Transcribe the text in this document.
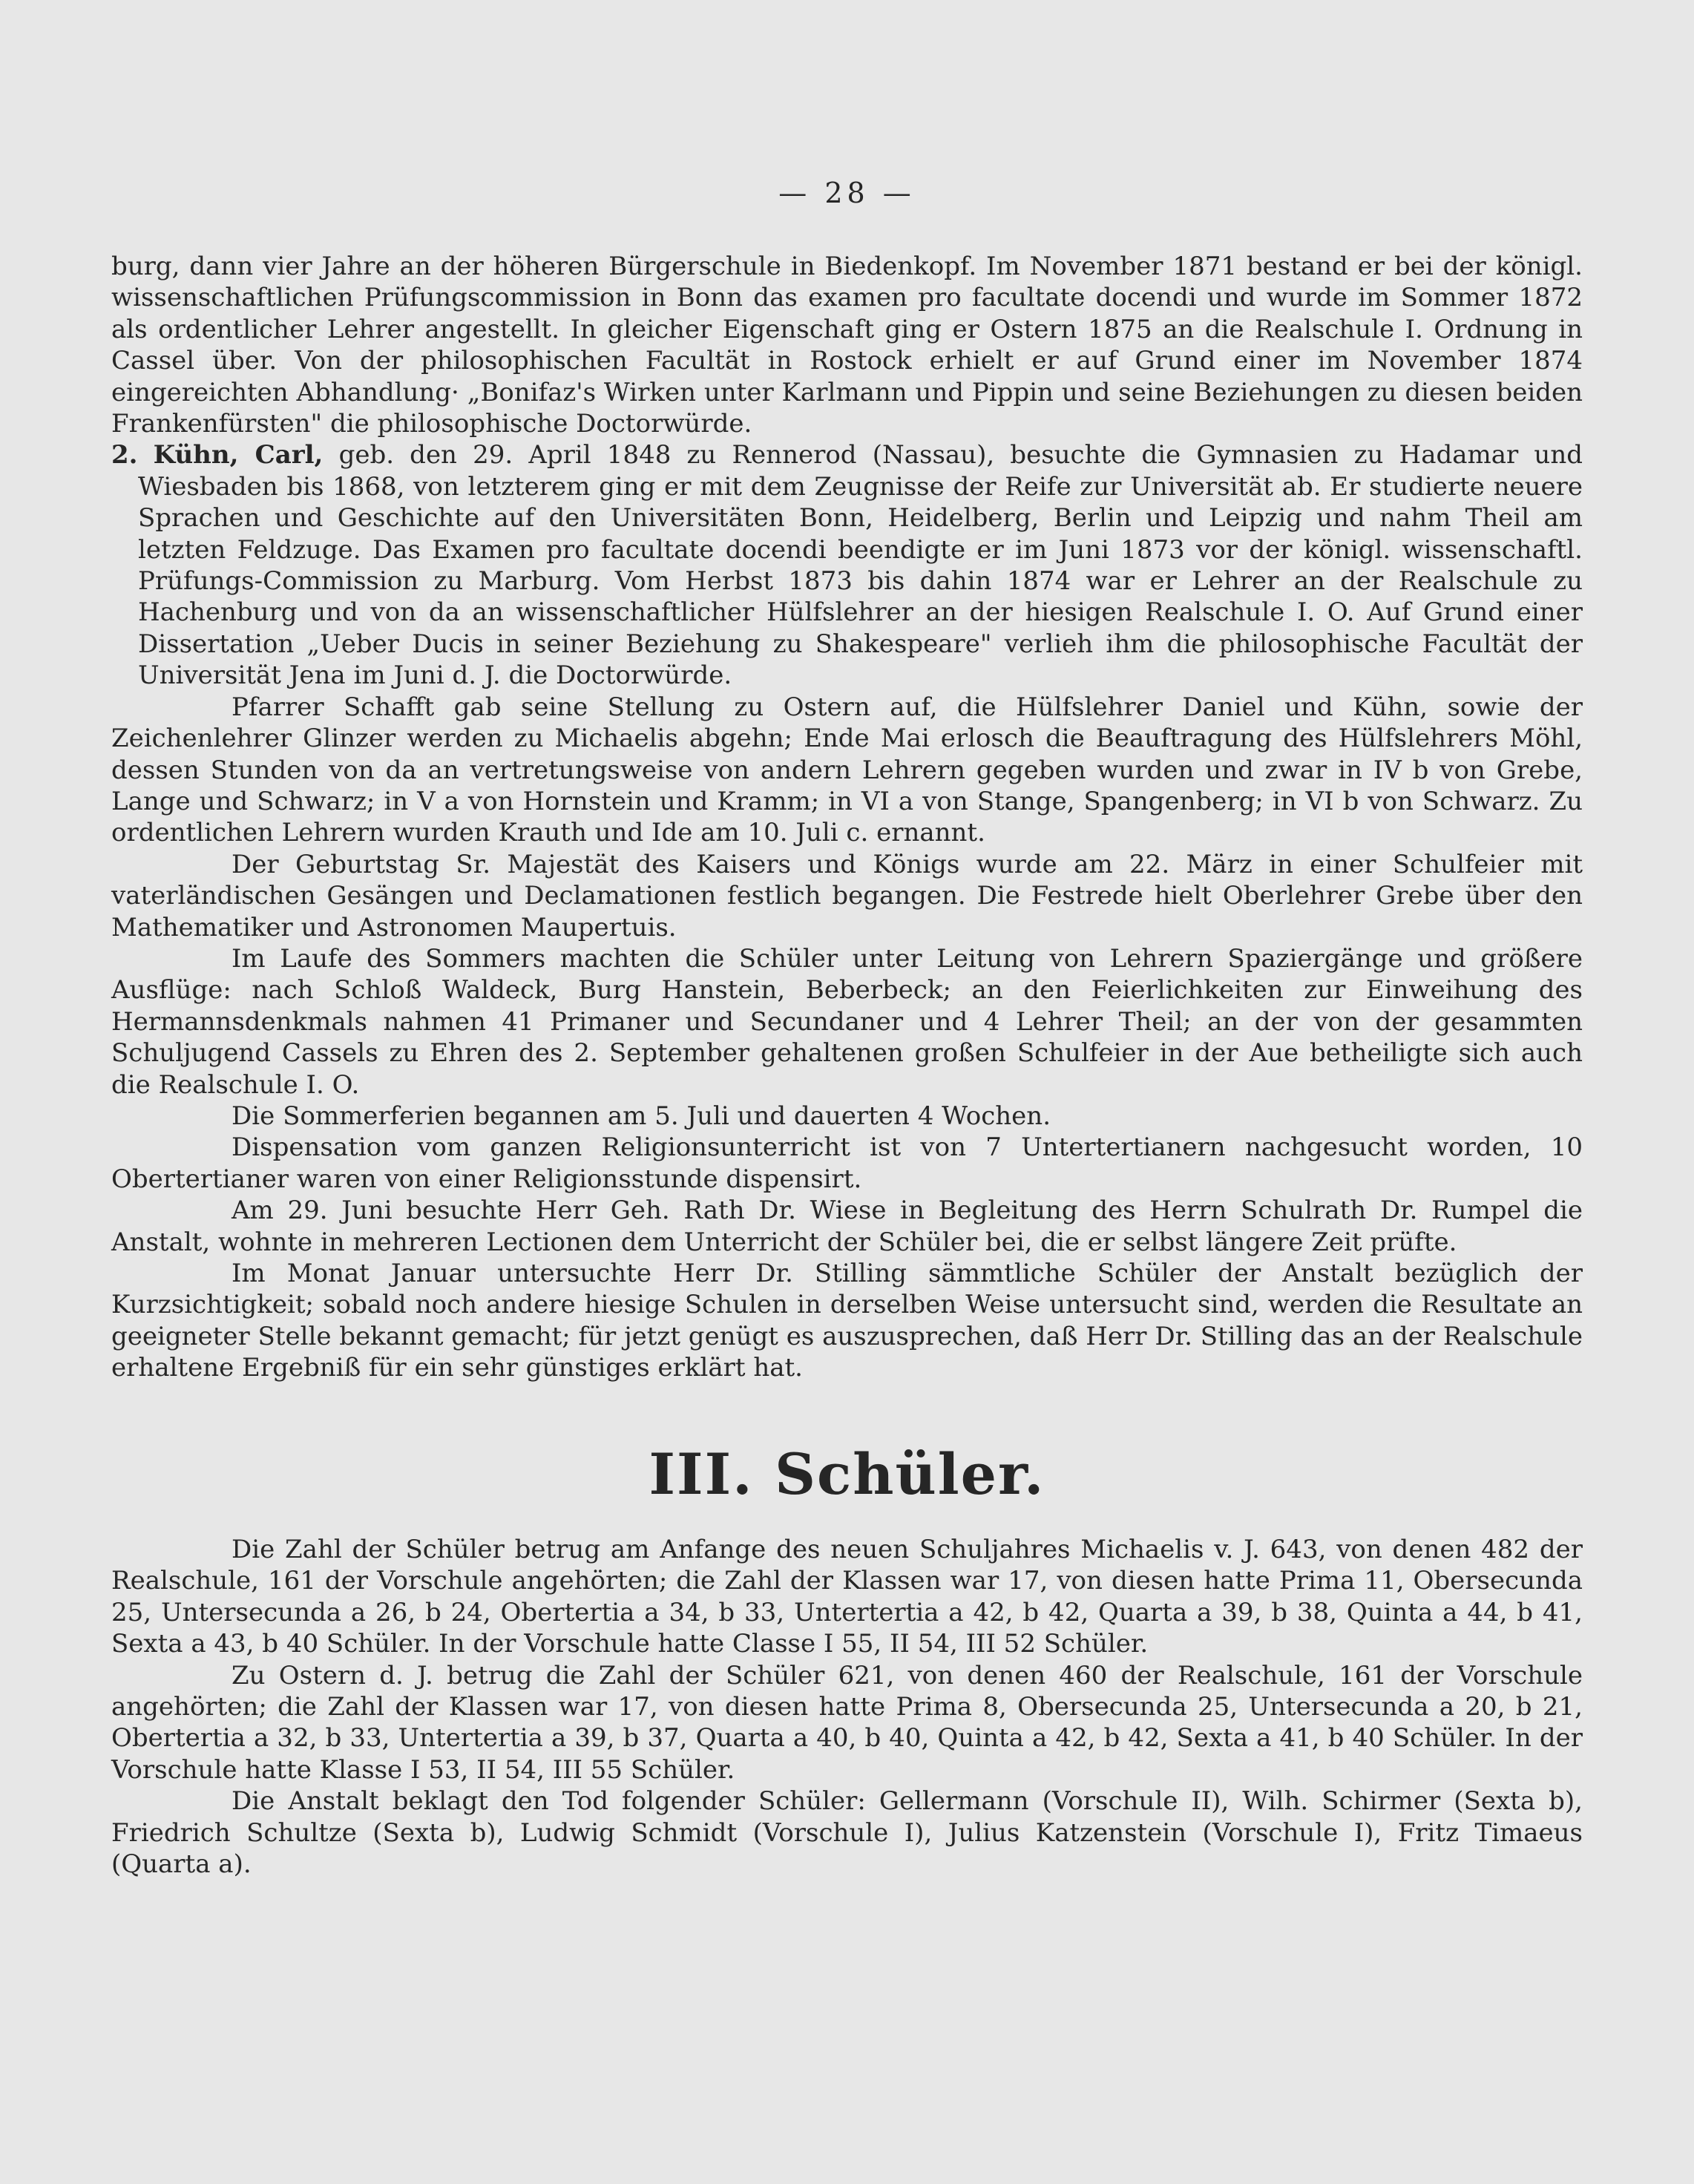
— 28 —

burg, dann vier Jahre an der höheren Bürgerschule in Biedenkopf. Im November 1871 bestand er bei der königl. wissenschaftlichen Prüfungscommission in Bonn das examen pro facultate docendi und wurde im Sommer 1872 als ordentlicher Lehrer angestellt. In gleicher Eigenschaft ging er Ostern 1875 an die Realschule I. Ordnung in Cassel über. Von der philosophischen Facultät in Rostock erhielt er auf Grund einer im November 1874 eingereichten Abhandlung· „Bonifaz's Wirken unter Karlmann und Pippin und seine Beziehungen zu diesen beiden Frankenfürsten" die philosophische Doctorwürde.

2. Kühn, Carl, geb. den 29. April 1848 zu Rennerod (Nassau), besuchte die Gymnasien zu Hadamar und Wiesbaden bis 1868, von letzterem ging er mit dem Zeugnisse der Reife zur Universität ab. Er studierte neuere Sprachen und Geschichte auf den Universitäten Bonn, Heidelberg, Berlin und Leipzig und nahm Theil am letzten Feldzuge. Das Examen pro facultate docendi beendigte er im Juni 1873 vor der königl. wissenschaftl. Prüfungs-Commission zu Marburg. Vom Herbst 1873 bis dahin 1874 war er Lehrer an der Realschule zu Hachenburg und von da an wissenschaftlicher Hülfslehrer an der hiesigen Realschule I. O. Auf Grund einer Dissertation „Ueber Ducis in seiner Beziehung zu Shakespeare" verlieh ihm die philosophische Facultät der Universität Jena im Juni d. J. die Doctorwürde.

Pfarrer Schafft gab seine Stellung zu Ostern auf, die Hülfslehrer Daniel und Kühn, sowie der Zeichenlehrer Glinzer werden zu Michaelis abgehn; Ende Mai erlosch die Beauftragung des Hülfslehrers Möhl, dessen Stunden von da an vertretungsweise von andern Lehrern gegeben wurden und zwar in IV b von Grebe, Lange und Schwarz; in V a von Hornstein und Kramm; in VI a von Stange, Spangenberg; in VI b von Schwarz. Zu ordentlichen Lehrern wurden Krauth und Ide am 10. Juli c. ernannt.

Der Geburtstag Sr. Majestät des Kaisers und Königs wurde am 22. März in einer Schulfeier mit vaterländischen Gesängen und Declamationen festlich begangen. Die Festrede hielt Oberlehrer Grebe über den Mathematiker und Astronomen Maupertuis.

Im Laufe des Sommers machten die Schüler unter Leitung von Lehrern Spaziergänge und größere Ausflüge: nach Schloß Waldeck, Burg Hanstein, Beberbeck; an den Feierlichkeiten zur Einweihung des Hermannsdenkmals nahmen 41 Primaner und Secundaner und 4 Lehrer Theil; an der von der gesammten Schuljugend Cassels zu Ehren des 2. September gehaltenen großen Schulfeier in der Aue betheiligte sich auch die Realschule I. O.

Die Sommerferien begannen am 5. Juli und dauerten 4 Wochen.

Dispensation vom ganzen Religionsunterricht ist von 7 Untertertianern nachgesucht worden, 10 Obertertianer waren von einer Religionsstunde dispensirt.

Am 29. Juni besuchte Herr Geh. Rath Dr. Wiese in Begleitung des Herrn Schulrath Dr. Rumpel die Anstalt, wohnte in mehreren Lectionen dem Unterricht der Schüler bei, die er selbst längere Zeit prüfte.

Im Monat Januar untersuchte Herr Dr. Stilling sämmtliche Schüler der Anstalt bezüglich der Kurzsichtigkeit; sobald noch andere hiesige Schulen in derselben Weise untersucht sind, werden die Resultate an geeigneter Stelle bekannt gemacht; für jetzt genügt es auszusprechen, daß Herr Dr. Stilling das an der Realschule erhaltene Ergebniß für ein sehr günstiges erklärt hat.

III. Schüler.

Die Zahl der Schüler betrug am Anfange des neuen Schuljahres Michaelis v. J. 643, von denen 482 der Realschule, 161 der Vorschule angehörten; die Zahl der Klassen war 17, von diesen hatte Prima 11, Obersecunda 25, Untersecunda a 26, b 24, Obertertia a 34, b 33, Untertertia a 42, b 42, Quarta a 39, b 38, Quinta a 44, b 41, Sexta a 43, b 40 Schüler. In der Vorschule hatte Classe I 55, II 54, III 52 Schüler.

Zu Ostern d. J. betrug die Zahl der Schüler 621, von denen 460 der Realschule, 161 der Vorschule angehörten; die Zahl der Klassen war 17, von diesen hatte Prima 8, Obersecunda 25, Untersecunda a 20, b 21, Obertertia a 32, b 33, Untertertia a 39, b 37, Quarta a 40, b 40, Quinta a 42, b 42, Sexta a 41, b 40 Schüler. In der Vorschule hatte Klasse I 53, II 54, III 55 Schüler.

Die Anstalt beklagt den Tod folgender Schüler: Gellermann (Vorschule II), Wilh. Schirmer (Sexta b), Friedrich Schultze (Sexta b), Ludwig Schmidt (Vorschule I), Julius Katzenstein (Vorschule I), Fritz Timaeus (Quarta a).
